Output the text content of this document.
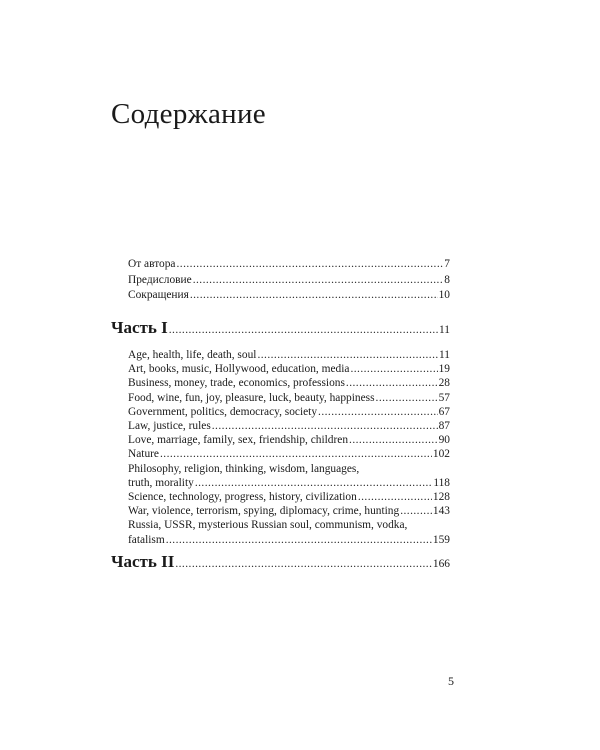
Содержание
От автора . . .	7
Предисловие . . .	8
Сокращения . . .	10
Часть I . . .	11
Age, health, life, death, soul . . .	11
Art, books, music, Hollywood, education, media . . .	19
Business, money, trade, economics, professions . . .	28
Food, wine, fun, joy, pleasure, luck, beauty, happiness . . .	57
Government, politics, democracy, society . . .	67
Law, justice, rules . . .	87
Love, marriage, family, sex, friendship, children . . .	90
Nature . . .	102
Philosophy, religion, thinking, wisdom, languages,
truth, morality . . .	118
Science, technology, progress, history, civilization . . .	128
War, violence, terrorism, spying, diplomacy, crime, hunting . . .	143
Russia, USSR, mysterious Russian soul, communism, vodka,
fatalism . . .	159
Часть II . . .	166
5
